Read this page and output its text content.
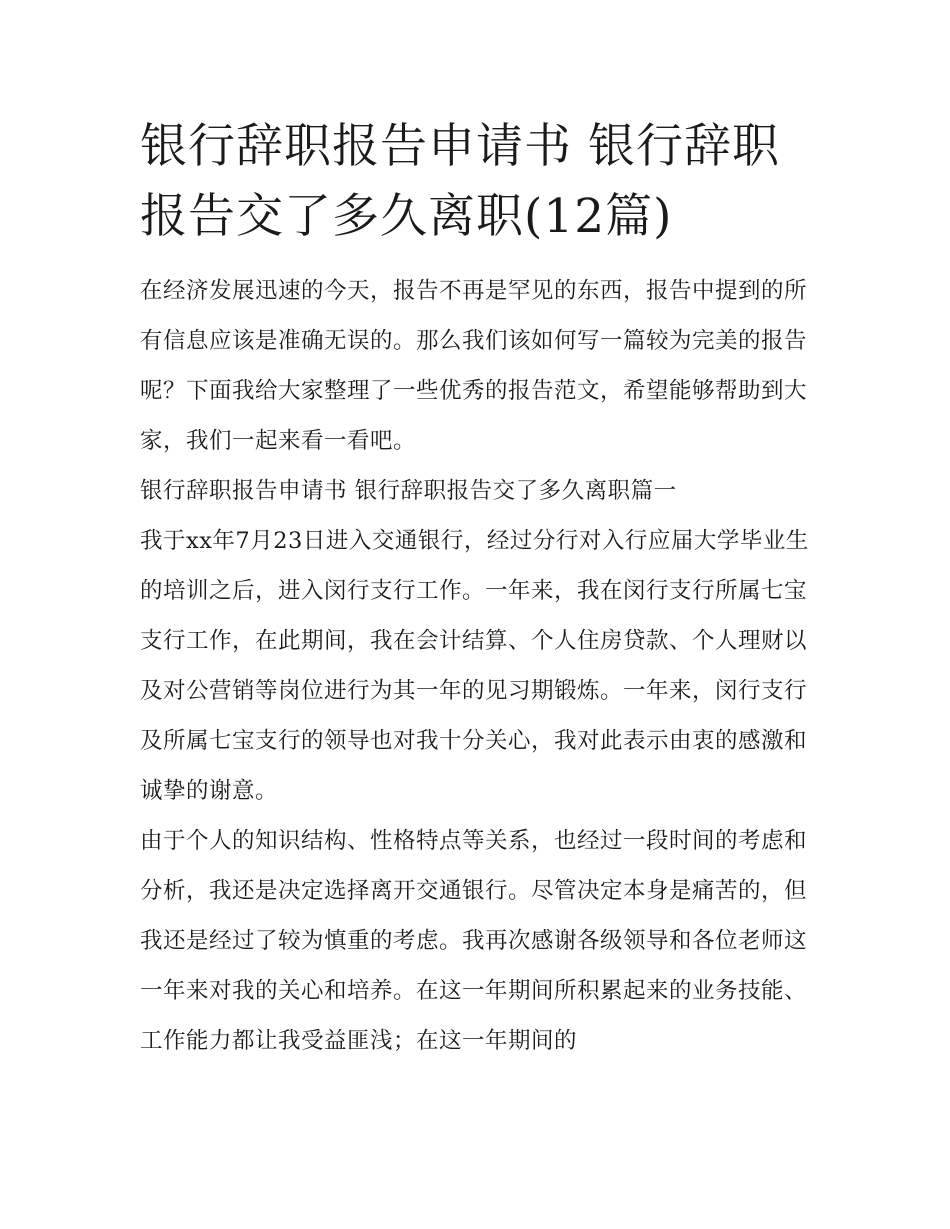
银行辞职报告申请书 银行辞职报告交了多久离职(12篇)

在经济发展迅速的今天，报告不再是罕见的东西，报告中提到的所有信息应该是准确无误的。那么我们该如何写一篇较为完美的报告呢？下面我给大家整理了一些优秀的报告范文，希望能够帮助到大家，我们一起来看一看吧。

银行辞职报告申请书 银行辞职报告交了多久离职篇一

我于xx年7月23日进入交通银行，经过分行对入行应届大学毕业生的培训之后，进入闵行支行工作。一年来，我在闵行支行所属七宝支行工作，在此期间，我在会计结算、个人住房贷款、个人理财以及对公营销等岗位进行为其一年的见习期锻炼。一年来，闵行支行及所属七宝支行的领导也对我十分关心，我对此表示由衷的感激和诚挚的谢意。

由于个人的知识结构、性格特点等关系，也经过一段时间的考虑和分析，我还是决定选择离开交通银行。尽管决定本身是痛苦的，但我还是经过了较为慎重的考虑。我再次感谢各级领导和各位老师这一年来对我的关心和培养。在这一年期间所积累起来的业务技能、工作能力都让我受益匪浅；在这一年期间的
